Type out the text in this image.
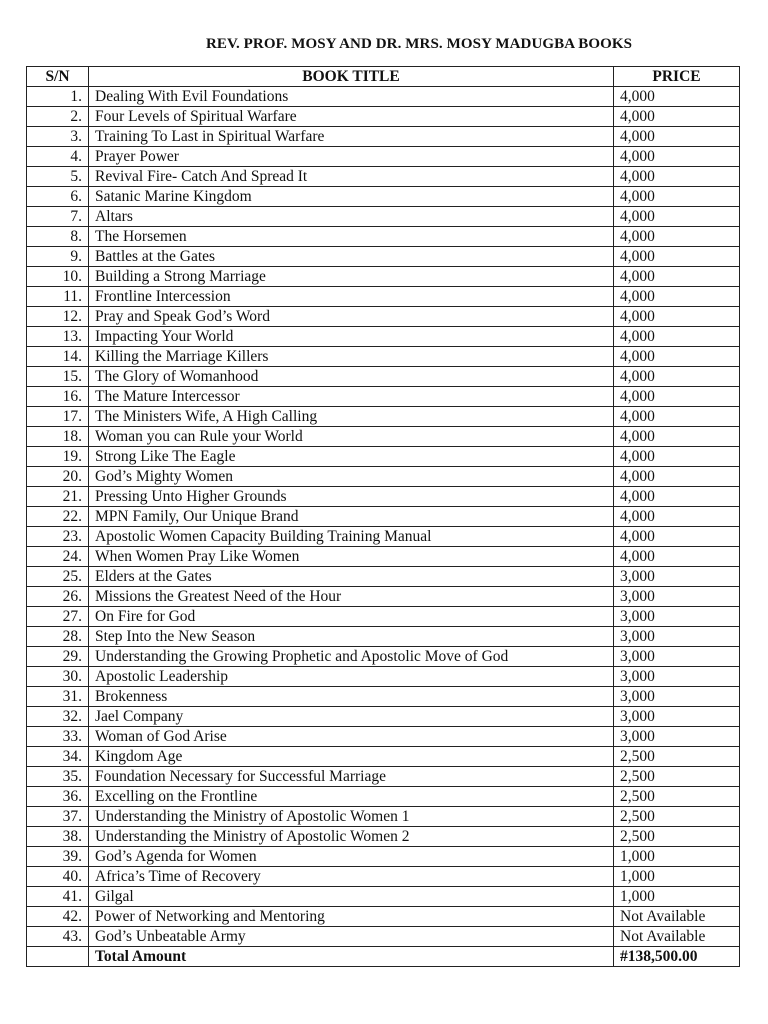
REV. PROF. MOSY AND DR. MRS. MOSY MADUGBA BOOKS
S/N	BOOK TITLE	PRICE
1.	Dealing With Evil Foundations	4,000
2.	Four Levels of Spiritual Warfare	4,000
3.	Training To Last in Spiritual Warfare	4,000
4.	Prayer Power	4,000
5.	Revival Fire- Catch And Spread It	4,000
6.	Satanic Marine Kingdom	4,000
7.	Altars	4,000
8.	The Horsemen	4,000
9.	Battles at the Gates	4,000
10.	Building a Strong Marriage	4,000
11.	Frontline Intercession	4,000
12.	Pray and Speak God’s Word	4,000
13.	Impacting Your World	4,000
14.	Killing the Marriage Killers	4,000
15.	The Glory of Womanhood	4,000
16.	The Mature Intercessor	4,000
17.	The Ministers Wife, A High Calling	4,000
18.	Woman you can Rule your World	4,000
19.	Strong Like The Eagle	4,000
20.	God’s Mighty Women	4,000
21.	Pressing Unto Higher Grounds	4,000
22.	MPN Family, Our Unique Brand	4,000
23.	Apostolic Women Capacity Building Training Manual	4,000
24.	When Women Pray Like Women	4,000
25.	Elders at the Gates	3,000
26.	Missions the Greatest Need of the Hour	3,000
27.	On Fire for God	3,000
28.	Step Into the New Season	3,000
29.	Understanding the Growing Prophetic and Apostolic Move of God	3,000
30.	Apostolic Leadership	3,000
31.	Brokenness	3,000
32.	Jael Company	3,000
33.	Woman of God Arise	3,000
34.	Kingdom Age	2,500
35.	Foundation Necessary for Successful Marriage	2,500
36.	Excelling on the Frontline	2,500
37.	Understanding the Ministry of Apostolic Women 1	2,500
38.	Understanding the Ministry of Apostolic Women 2	2,500
39.	God’s Agenda for Women	1,000
40.	Africa’s Time of Recovery	1,000
41.	Gilgal	1,000
42.	Power of Networking and Mentoring	Not Available
43.	God’s Unbeatable Army	Not Available
	Total Amount	#138,500.00
